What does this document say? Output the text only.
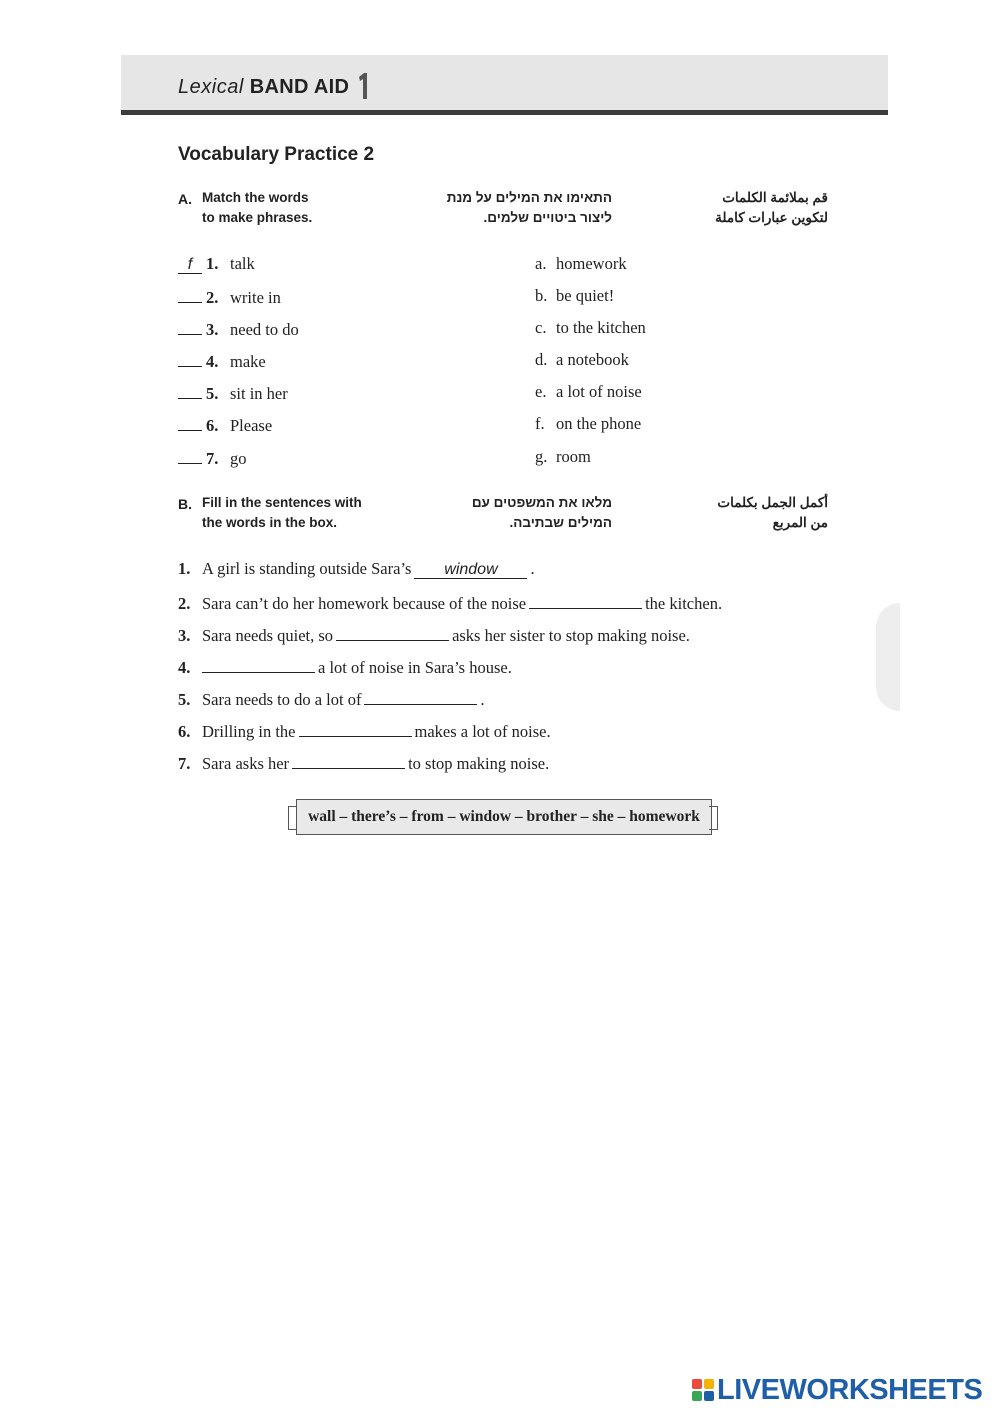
Lexical BAND AID
Vocabulary Practice 2
A. Match the words
to make phrases.
התאימו את המילים על מנת
ליצור ביטויים שלמים.
قم بملائمة الكلمات
لتكوين عبارات كاملة
f 1. talk
2. write in
3. need to do
4. make
5. sit in her
6. Please
7. go
a. homework
b. be quiet!
c. to the kitchen
d. a notebook
e. a lot of noise
f. on the phone
g. room
B. Fill in the sentences with
the words in the box.
מלאו את המשפטים עם
המילים שבתיבה.
أكمل الجمل بكلمات
من المربع
1. A girl is standing outside Sara’s	window	.
2. Sara can’t do her homework because of the noise	the kitchen.
3. Sara needs quiet, so	asks her sister to stop making noise.
4.	a lot of noise in Sara’s house.
5. Sara needs to do a lot of	.
6. Drilling in the	makes a lot of noise.
7. Sara asks her	to stop making noise.
wall – there’s – from – window – brother – she – homework
LIVEWORKSHEETS
